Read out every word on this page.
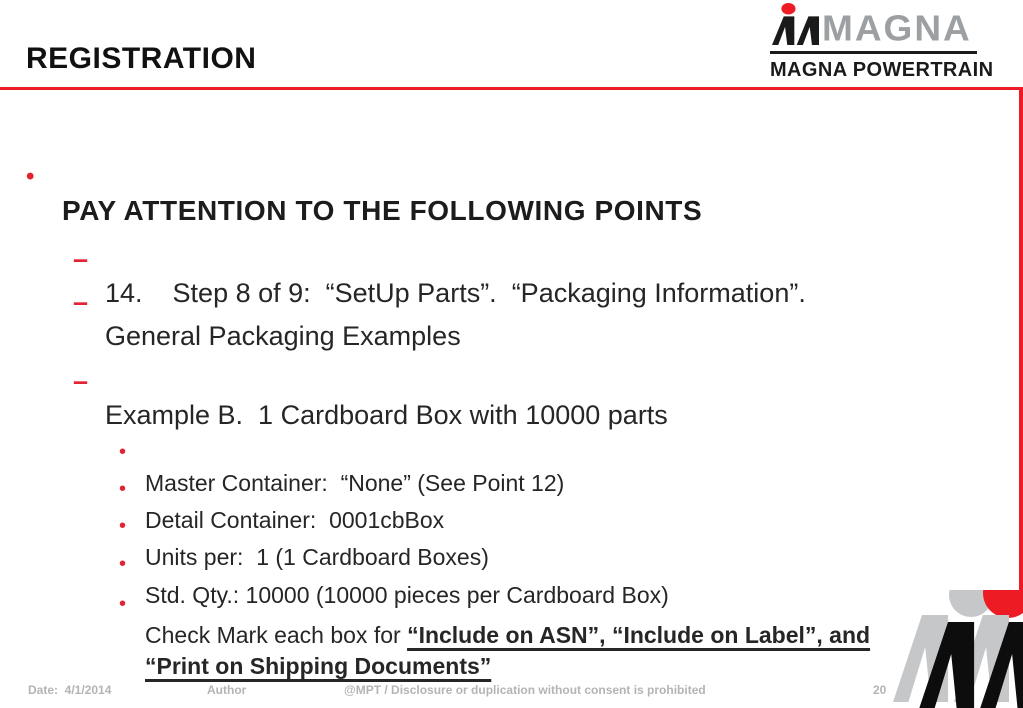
REGISTRATION
MAGNA
MAGNA POWERTRAIN

•

PAY ATTENTION TO THE FOLLOWING POINTS

–

14.    Step 8 of 9:  “SetUp Parts”.  “Packaging Information”.

–

General Packaging Examples

–

Example B.  1 Cardboard Box with 10000 parts

•

Master Container:  “None” (See Point 12)

•

Detail Container:  0001cbBox

•

Units per:  1 (1 Cardboard Boxes)

•

Std. Qty.: 10000 (10000 pieces per Cardboard Box)

•

Check Mark each box for “Include on ASN”, “Include on Label”, and
“Print on Shipping Documents”

Date:  4/1/2014	Author	@MPT / Disclosure or duplication without consent is prohibited	20
